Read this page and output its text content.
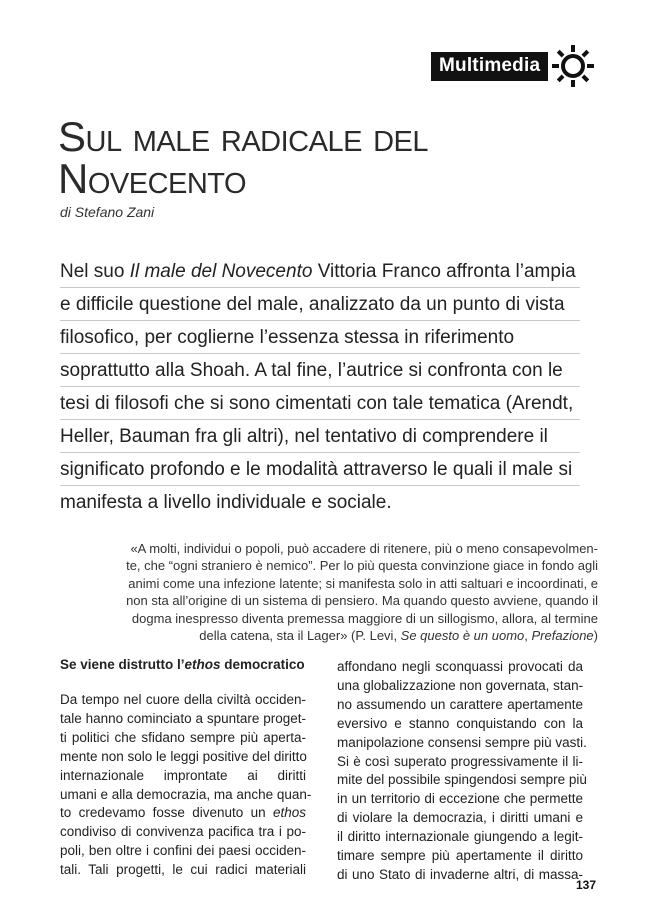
Multimedia
Sul male radicale del
Novecento
di Stefano Zani
Nel suo Il male del Novecento Vittoria Franco affronta l’ampia
e difficile questione del male, analizzato da un punto di vista
filosofico, per coglierne l’essenza stessa in riferimento
soprattutto alla Shoah. A tal fine, l’autrice si confronta con le
tesi di filosofi che si sono cimentati con tale tematica (Arendt,
Heller, Bauman fra gli altri), nel tentativo di comprendere il
significato profondo e le modalità attraverso le quali il male si
manifesta a livello individuale e sociale.
«A molti, individui o popoli, può accadere di ritenere, più o meno consapevolmen-
te, che “ogni straniero è nemico”. Per lo più questa convinzione giace in fondo agli
animi come una infezione latente; si manifesta solo in atti saltuari e incoordinati, e
non sta all’origine di un sistema di pensiero. Ma quando questo avviene, quando il
dogma inespresso diventa premessa maggiore di un sillogismo, allora, al termine
della catena, sta il Lager» (P. Levi, Se questo è un uomo, Prefazione)
Se viene distrutto l’ethos democratico
Da tempo nel cuore della civiltà occiden-
tale hanno cominciato a spuntare proget-
ti politici che sfidano sempre più aperta-
mente non solo le leggi positive del diritto
internazionale improntate ai diritti
umani e alla democrazia, ma anche quan-
to credevamo fosse divenuto un ethos
condiviso di convivenza pacifica tra i po-
poli, ben oltre i confini dei paesi occiden-
tali. Tali progetti, le cui radici materiali
affondano negli sconquassi provocati da
una globalizzazione non governata, stan-
no assumendo un carattere apertamente
eversivo e stanno conquistando con la
manipolazione consensi sempre più vasti.
Si è così superato progressivamente il li-
mite del possibile spingendosi sempre più
in un territorio di eccezione che permette
di violare la democrazia, i diritti umani e
il diritto internazionale giungendo a legit-
timare sempre più apertamente il diritto
di uno Stato di invaderne altri, di massa-
137
